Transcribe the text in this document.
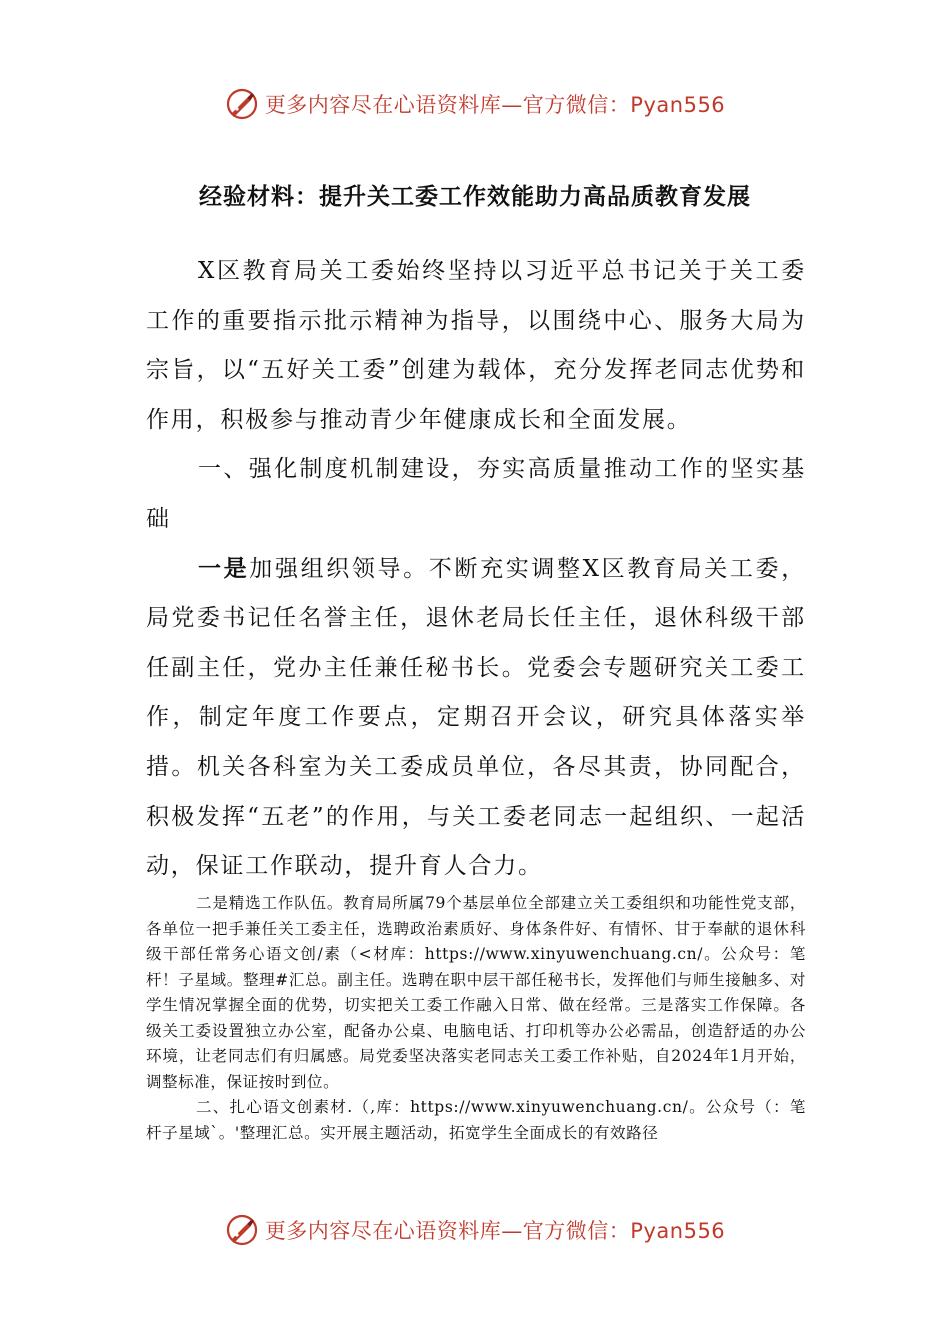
更多内容尽在心语资料库—官方微信：Pyan556
经验材料：提升关工委工作效能助力高品质教育发展

X区教育局关工委始终坚持以习近平总书记关于关工委工作的重要指示批示精神为指导，以围绕中心、服务大局为宗旨，以“五好关工委”创建为载体，充分发挥老同志优势和作用，积极参与推动青少年健康成长和全面发展。

一、强化制度机制建设，夯实高质量推动工作的坚实基础

一是加强组织领导。不断充实调整X区教育局关工委，局党委书记任名誉主任，退休老局长任主任，退休科级干部任副主任，党办主任兼任秘书长。党委会专题研究关工委工作，制定年度工作要点，定期召开会议，研究具体落实举措。机关各科室为关工委成员单位，各尽其责，协同配合，积极发挥“五老”的作用，与关工委老同志一起组织、一起活动，保证工作联动，提升育人合力。

二是精选工作队伍。教育局所属79个基层单位全部建立关工委组织和功能性党支部，各单位一把手兼任关工委主任，选聘政治素质好、身体条件好、有情怀、甘于奉献的退休科级干部任常务心语文创/素（<材库：https://www.xinyuwenchuang.cn/。公众号：笔杆！子星域。整理#汇总。副主任。选聘在职中层干部任秘书长，发挥他们与师生接触多、对学生情况掌握全面的优势，切实把关工委工作融入日常、做在经常。三是落实工作保障。各级关工委设置独立办公室，配备办公桌、电脑电话、打印机等办公必需品，创造舒适的办公环境，让老同志们有归属感。局党委坚决落实老同志关工委工作补贴，自2024年1月开始，调整标准，保证按时到位。

二、扎心语文创素材.（,库：https://www.xinyuwenchuang.cn/。公众号（：笔杆子星域`。'整理汇总。实开展主题活动，拓宽学生全面成长的有效路径

更多内容尽在心语资料库—官方微信：Pyan556
